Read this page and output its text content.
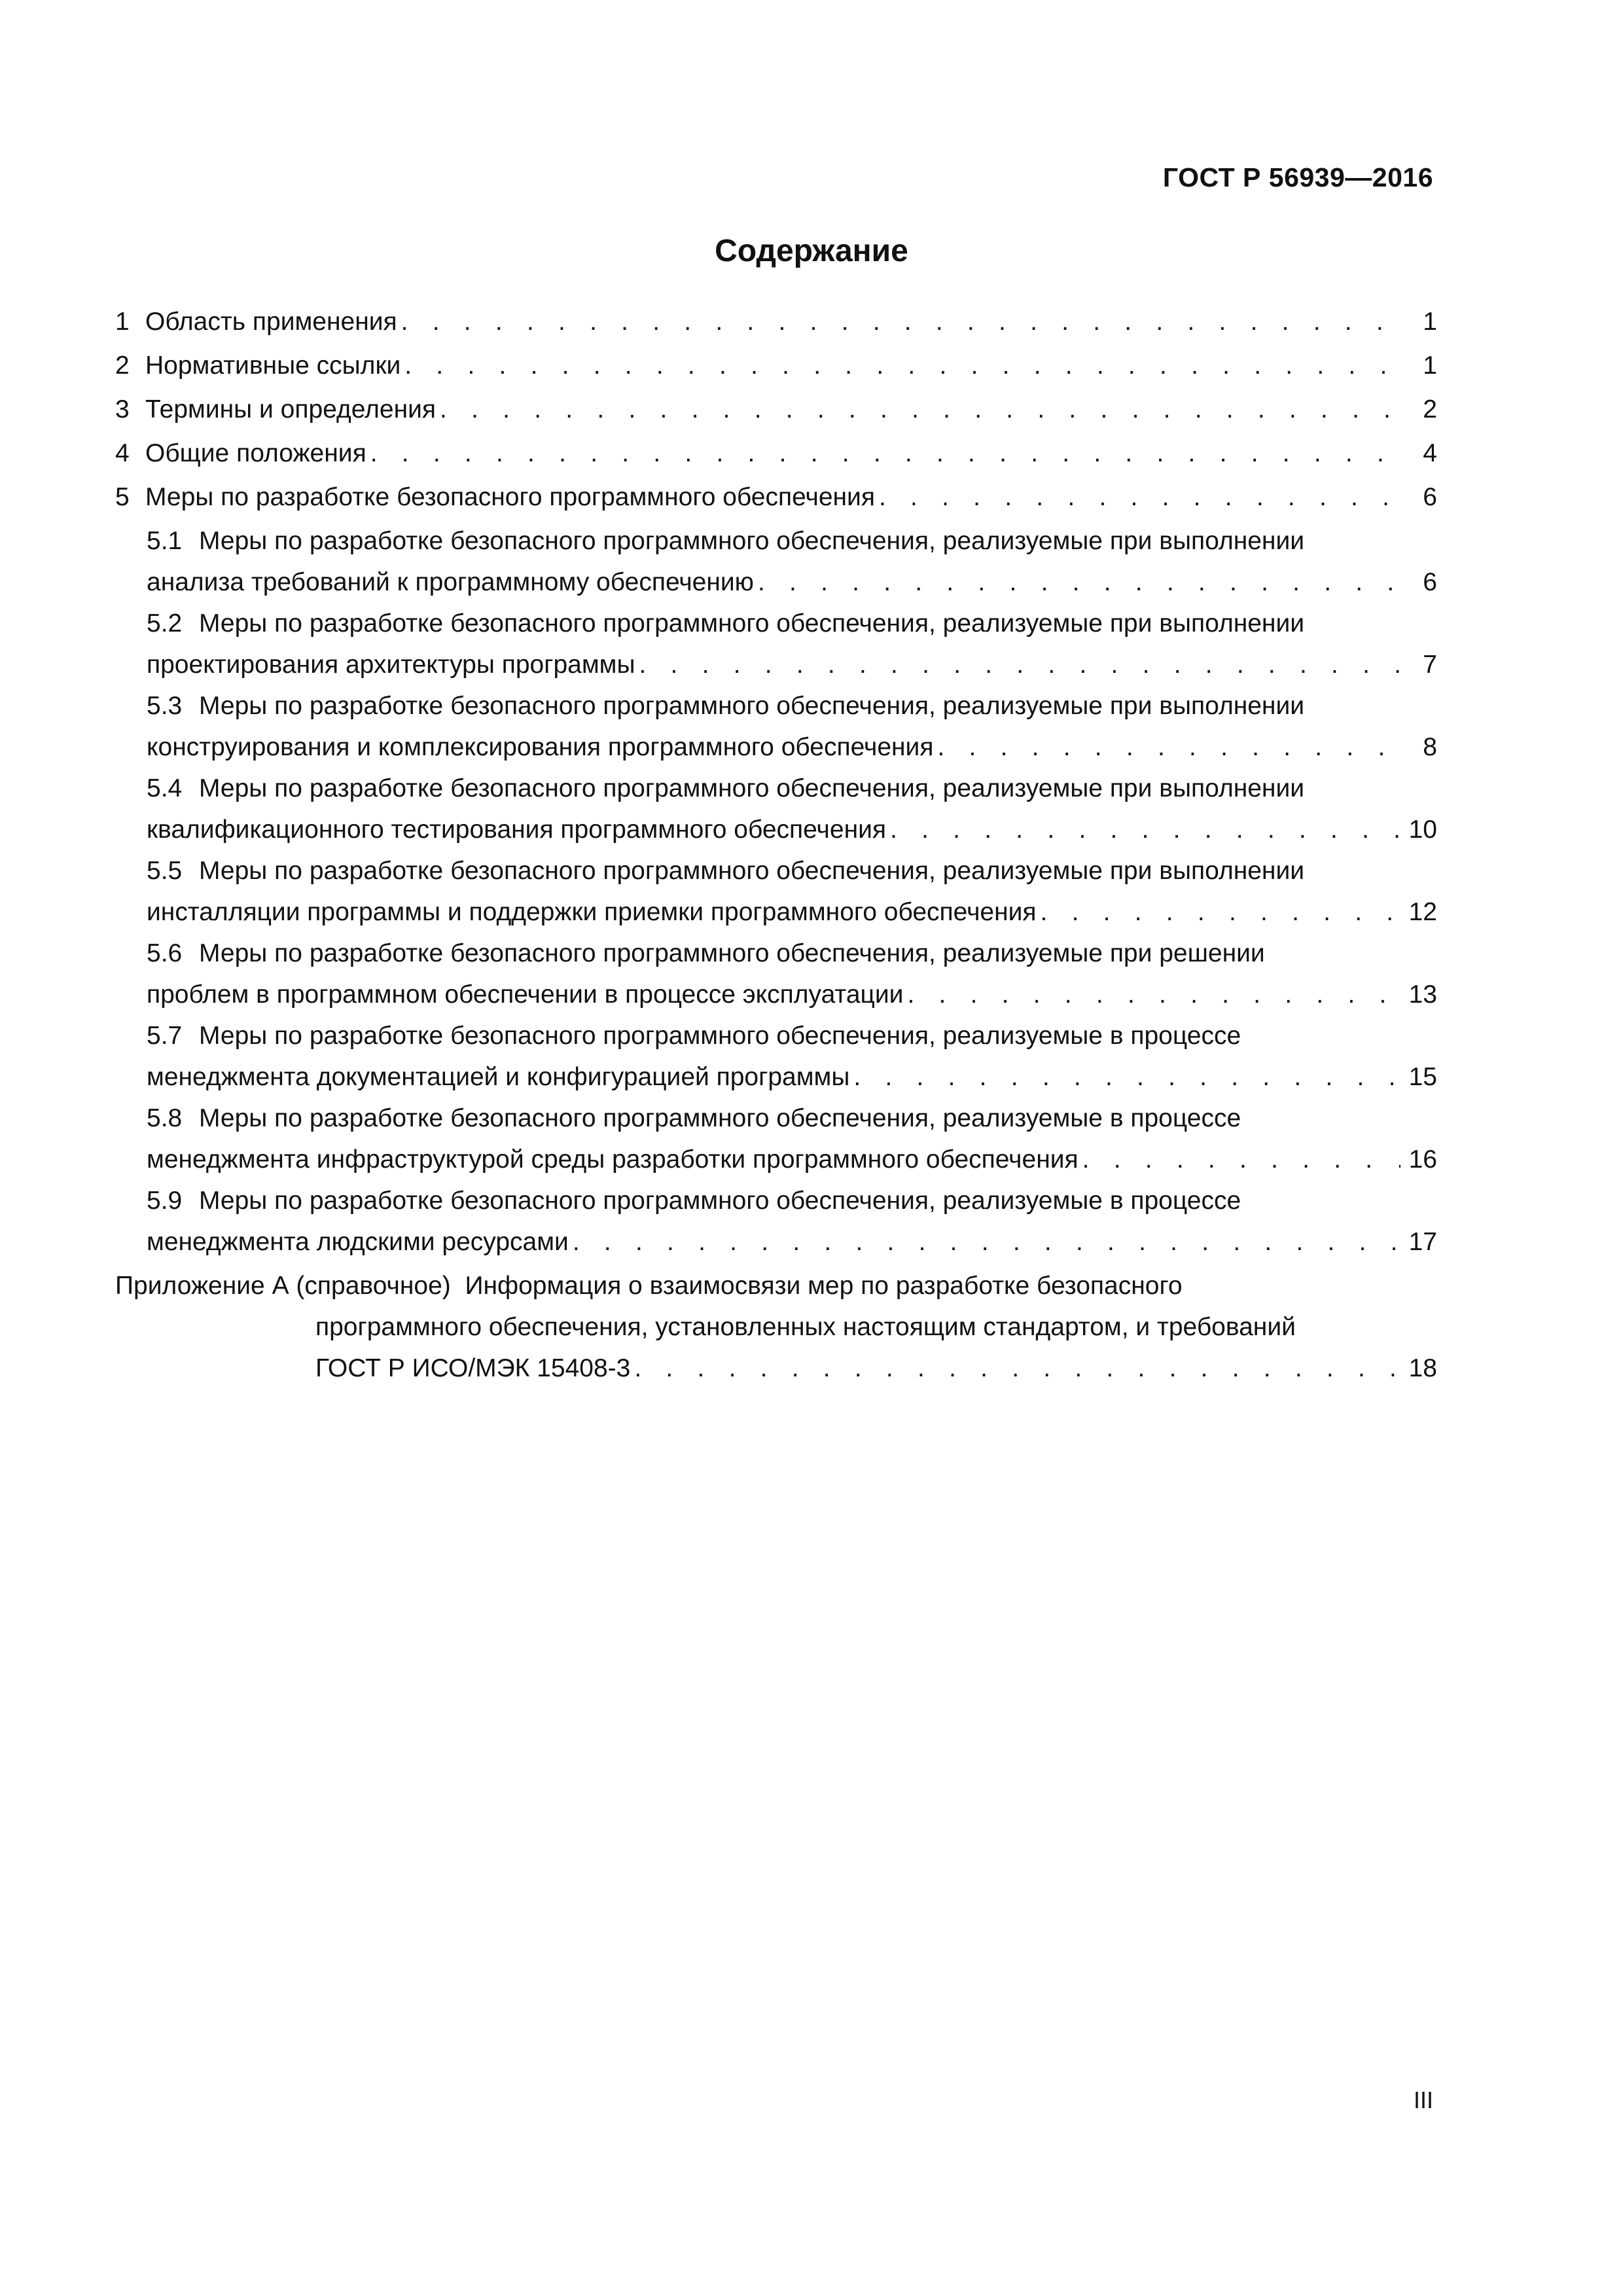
ГОСТ Р 56939—2016
Содержание
1 Область применения . . .	1
2 Нормативные ссылки . . .	1
3 Термины и определения . . .	2
4 Общие положения . . .	4
5 Меры по разработке безопасного программного обеспечения . . .	6
5.1 Меры по разработке безопасного программного обеспечения, реализуемые при выполнении
анализа требований к программному обеспечению . . .	6
5.2 Меры по разработке безопасного программного обеспечения, реализуемые при выполнении
проектирования архитектуры программы . . .	7
5.3 Меры по разработке безопасного программного обеспечения, реализуемые при выполнении
конструирования и комплексирования программного обеспечения . . .	8
5.4 Меры по разработке безопасного программного обеспечения, реализуемые при выполнении
квалификационного тестирования программного обеспечения . . .	10
5.5 Меры по разработке безопасного программного обеспечения, реализуемые при выполнении
инсталляции программы и поддержки приемки программного обеспечения . . .	12
5.6 Меры по разработке безопасного программного обеспечения, реализуемые при решении
проблем в программном обеспечении в процессе эксплуатации . . .	13
5.7 Меры по разработке безопасного программного обеспечения, реализуемые в процессе
менеджмента документацией и конфигурацией программы . . .	15
5.8 Меры по разработке безопасного программного обеспечения, реализуемые в процессе
менеджмента инфраструктурой среды разработки программного обеспечения . . .	16
5.9 Меры по разработке безопасного программного обеспечения, реализуемые в процессе
менеджмента людскими ресурсами . . .	17
Приложение А (справочное) Информация о взаимосвязи мер по разработке безопасного
программного обеспечения, установленных настоящим стандартом, и требований
ГОСТ Р ИСО/МЭК 15408-3 . . .	18
III
